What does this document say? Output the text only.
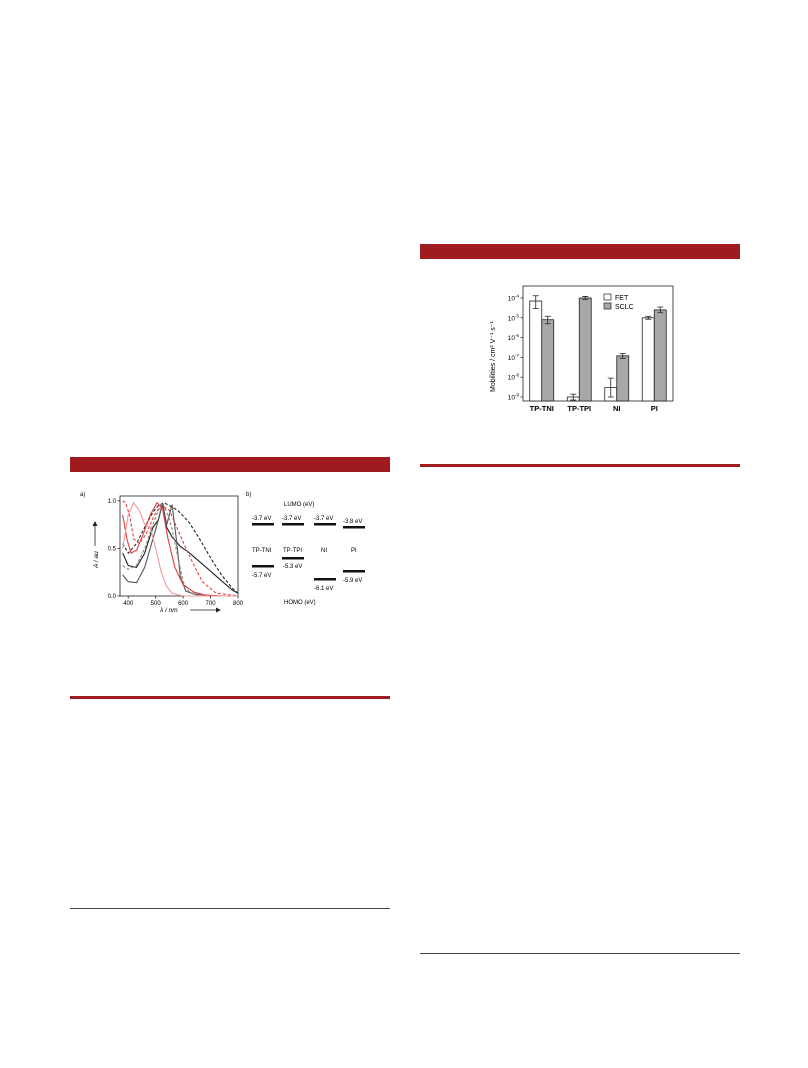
a)	b)
400	500	600	700	800
0.0
0.5
1.0
λ / nm
A / au
LUMO (eV)
HOMO (eV)
-3.7 eV -3.7 eV -3.7 eV -3.8 eV
TP-TNI TP-TPI	NI	PI
-5.7 eV
-5.3 eV
-6.1 eV
-5.9 eV
Mobilities / cm² V⁻¹ s⁻¹
$10^{-4}$
$10^{-5}$
$10^{-6}$
$10^{-7}$
$10^{-8}$
$10^{-9}$
TP-TNI TP-TPI	NI	PI
FET
SCLC
